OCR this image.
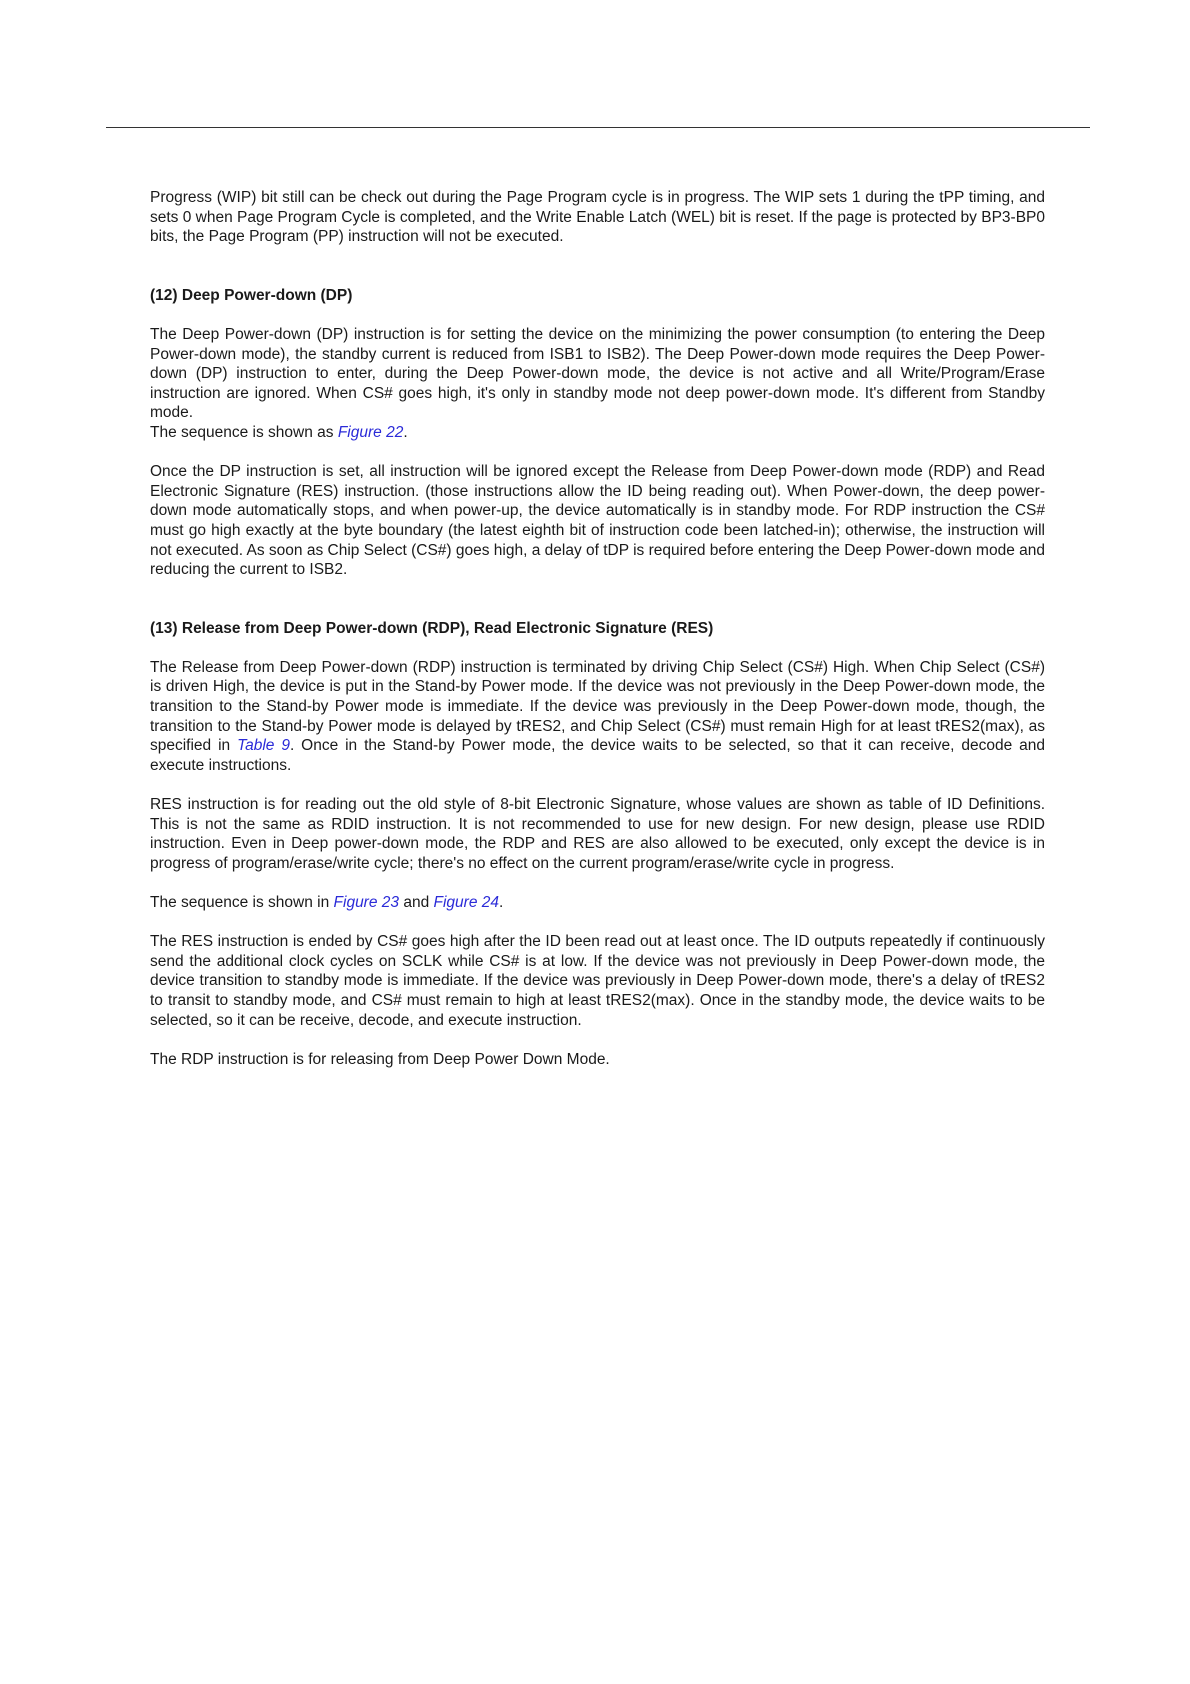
Progress (WIP) bit still can be check out during the Page Program cycle is in progress. The WIP sets 1 during the tPP timing, and sets 0 when Page Program Cycle is completed, and the Write Enable Latch (WEL) bit is reset. If the page is protected by BP3-BP0 bits, the Page Program (PP) instruction will not be executed.

(12) Deep Power-down (DP)

The Deep Power-down (DP) instruction is for setting the device on the minimizing the power consumption (to entering the Deep Power-down mode), the standby current is reduced from ISB1 to ISB2). The Deep Power-down mode requires the Deep Power-down (DP) instruction to enter, during the Deep Power-down mode, the device is not active and all Write/Program/Erase instruction are ignored. When CS# goes high, it's only in standby mode not deep power-down mode. It's different from Standby mode.

The sequence is shown as Figure 22.

Once the DP instruction is set, all instruction will be ignored except the Release from Deep Power-down mode (RDP) and Read Electronic Signature (RES) instruction. (those instructions allow the ID being reading out). When Power-down, the deep power-down mode automatically stops, and when power-up, the device automatically is in standby mode. For RDP instruction the CS# must go high exactly at the byte boundary (the latest eighth bit of instruction code been latched-in); otherwise, the instruction will not executed. As soon as Chip Select (CS#) goes high, a delay of tDP is required before entering the Deep Power-down mode and reducing the current to ISB2.

(13) Release from Deep Power-down (RDP), Read Electronic Signature (RES)

The Release from Deep Power-down (RDP) instruction is terminated by driving Chip Select (CS#) High. When Chip Select (CS#) is driven High, the device is put in the Stand-by Power mode. If the device was not previously in the Deep Power-down mode, the transition to the Stand-by Power mode is immediate. If the device was previously in the Deep Power-down mode, though, the transition to the Stand-by Power mode is delayed by tRES2, and Chip Select (CS#) must remain High for at least tRES2(max), as specified in Table 9. Once in the Stand-by Power mode, the device waits to be selected, so that it can receive, decode and execute instructions.

RES instruction is for reading out the old style of 8-bit Electronic Signature, whose values are shown as table of ID Definitions. This is not the same as RDID instruction. It is not recommended to use for new design. For new design, please use RDID instruction. Even in Deep power-down mode, the RDP and RES are also allowed to be executed, only except the device is in progress of program/erase/write cycle; there's no effect on the current program/erase/write cycle in progress.

The sequence is shown in Figure 23 and Figure 24.

The RES instruction is ended by CS# goes high after the ID been read out at least once. The ID outputs repeatedly if continuously send the additional clock cycles on SCLK while CS# is at low. If the device was not previously in Deep Power-down mode, the device transition to standby mode is immediate. If the device was previously in Deep Power-down mode, there's a delay of tRES2 to transit to standby mode, and CS# must remain to high at least tRES2(max). Once in the standby mode, the device waits to be selected, so it can be receive, decode, and execute instruction.

The RDP instruction is for releasing from Deep Power Down Mode.
